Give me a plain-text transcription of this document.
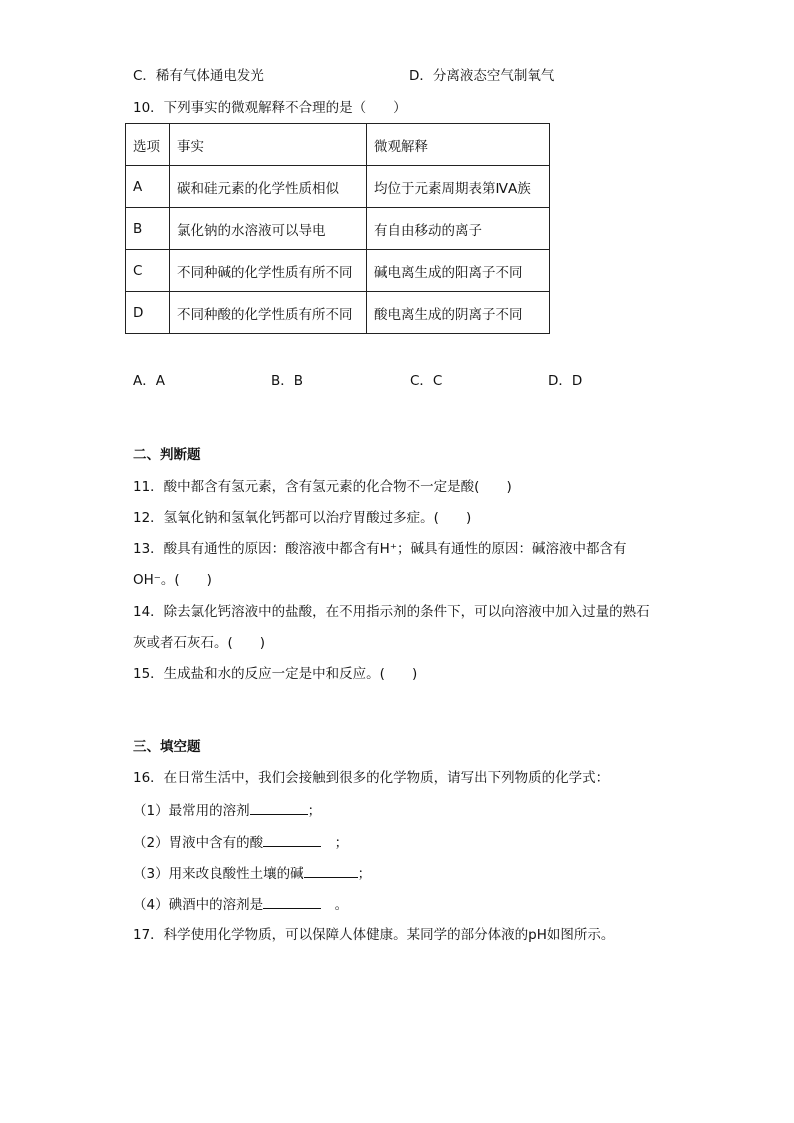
C．稀有气体通电发光	D．分离液态空气制氧气
10．下列事实的微观解释不合理的是（　　）
选项	事实	微观解释
A	碳和硅元素的化学性质相似	均位于元素周期表第ⅣA族
B	氯化钠的水溶液可以导电	有自由移动的离子
C	不同种碱的化学性质有所不同	碱电离生成的阳离子不同
D	不同种酸的化学性质有所不同	酸电离生成的阴离子不同
A．A	B．B	C．C	D．D
二、判断题
11．酸中都含有氢元素，含有氢元素的化合物不一定是酸(　　)
12．氢氧化钠和氢氧化钙都可以治疗胃酸过多症。(　　)
13．酸具有通性的原因：酸溶液中都含有H⁺；碱具有通性的原因：碱溶液中都含有
OH⁻。(　　)
14．除去氯化钙溶液中的盐酸，在不用指示剂的条件下，可以向溶液中加入过量的熟石
灰或者石灰石。(　　)
15．生成盐和水的反应一定是中和反应。(　　)
三、填空题
16．在日常生活中，我们会接触到很多的化学物质，请写出下列物质的化学式：
（1）最常用的溶剂	；
（2）胃液中含有的酸	　；
（3）用来改良酸性土壤的碱	；
（4）碘酒中的溶剂是	　。
17．科学使用化学物质，可以保障人体健康。某同学的部分体液的pH如图所示。
